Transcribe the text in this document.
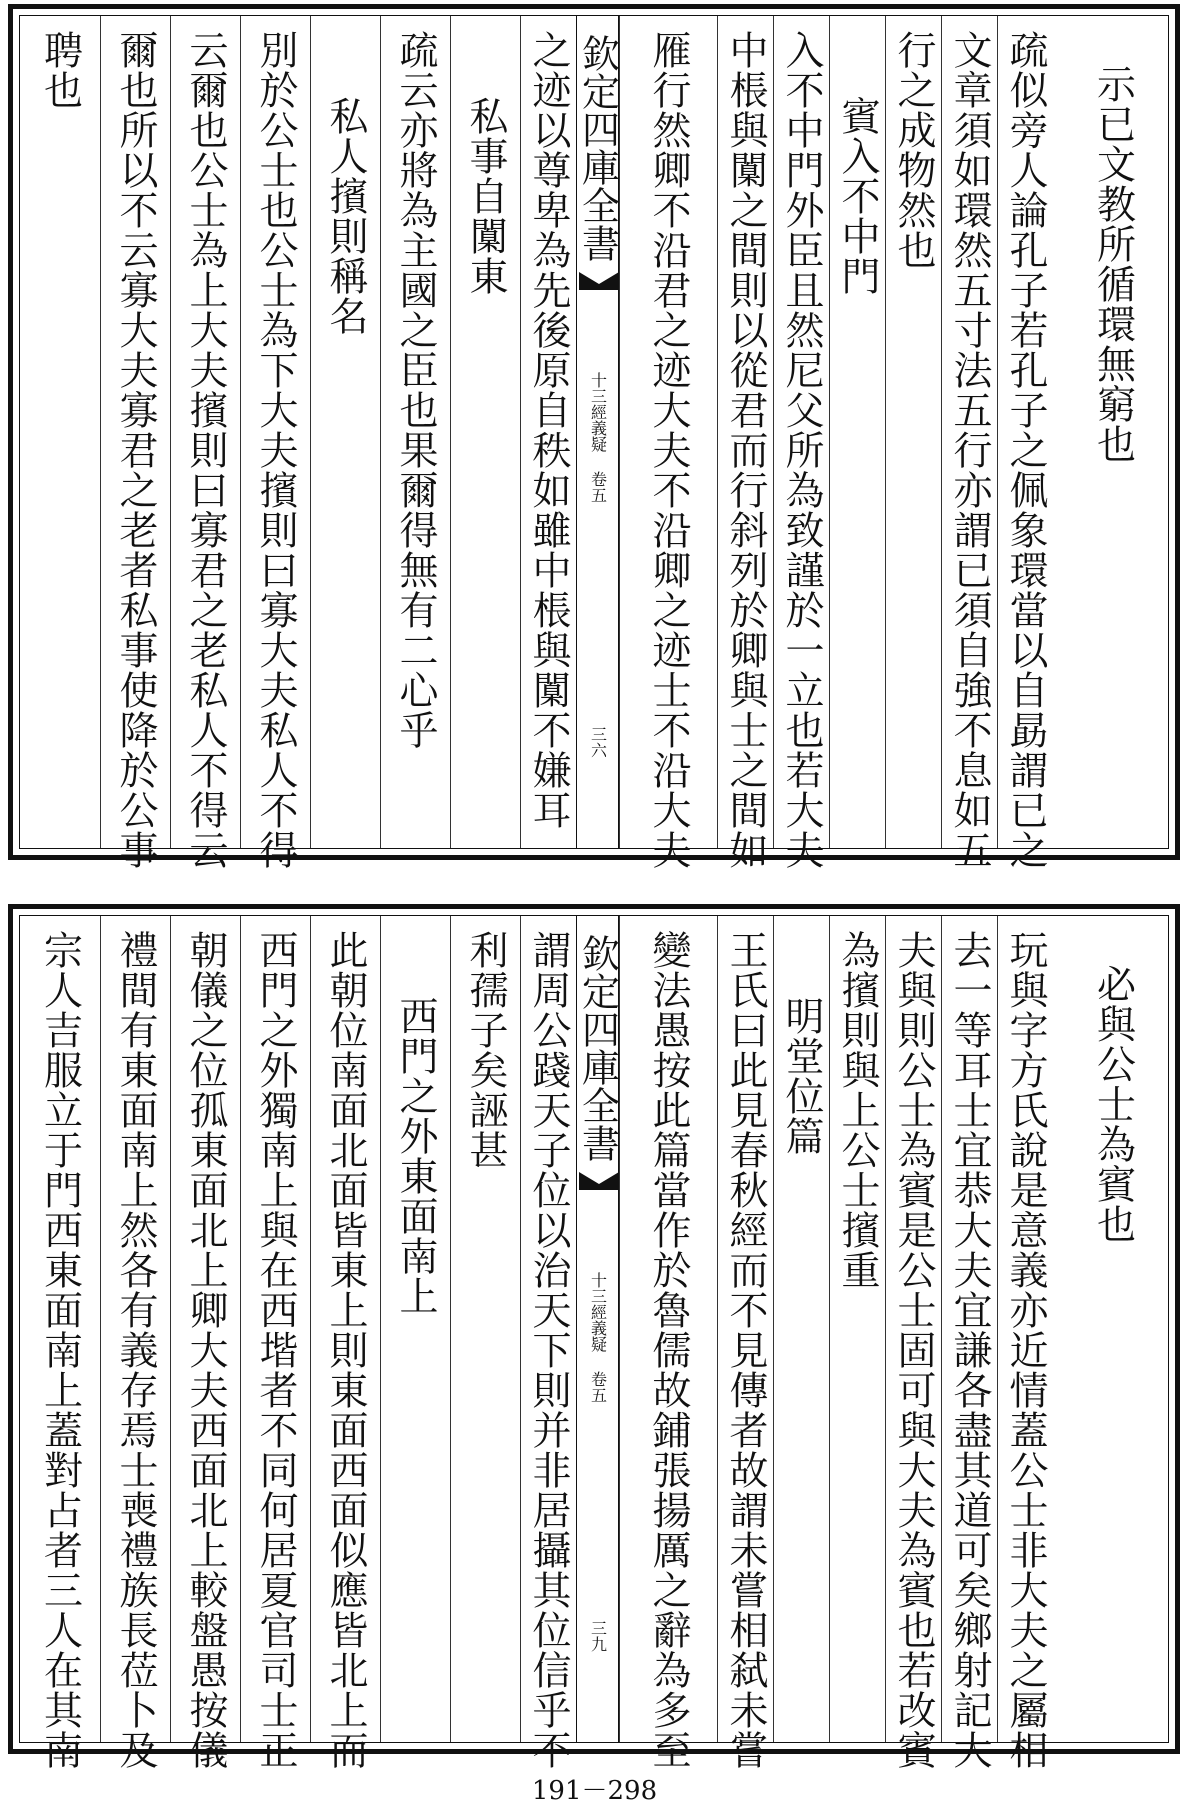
示已文教所循環無窮也
疏似旁人論孔子若孔子之佩象環當以自勗謂已之
文章須如環然五寸法五行亦謂已須自強不息如五
行之成物然也
賓入不中門
入不中門外臣且然尼父所為致謹於一立也若大夫
中棖與闑之間則以從君而行斜列於卿與士之間如
雁行然卿不沿君之迹大夫不沿卿之迹士不沿大夫
欽定四庫全書
十三經義疑 卷五
三六
之迹以尊卑為先後原自秩如雖中棖與闑不嫌耳
私事自闑東
疏云亦將為主國之臣也果爾得無有二心乎
私人擯則稱名
別於公士也公士為下大夫擯則曰寡大夫私人不得
云爾也公士為上大夫擯則曰寡君之老私人不得云
爾也所以不云寡大夫寡君之老者私事使降於公事
聘也
必與公士為賓也
玩與字方氏說是意義亦近情蓋公士非大夫之屬相
去一等耳士宜恭大夫宜謙各盡其道可矣鄉射記大
夫與則公士為賓是公士固可與大夫為賓也若改賓
為擯則與上公士擯重
明堂位篇
王氏曰此見春秋經而不見傳者故謂未嘗相弑未嘗
變法愚按此篇當作於魯儒故鋪張揚厲之辭為多至
欽定四庫全書
十三經義疑 卷五
三九
謂周公踐天子位以治天下則并非居攝其位信乎不
利孺子矣誣甚
西門之外東面南上
此朝位南面北面皆東上則東面西面似應皆北上而
西門之外獨南上與在西堦者不同何居夏官司士正
朝儀之位孤東面北上卿大夫西面北上較盤愚按儀
禮間有東面南上然各有義存焉士喪禮族長莅卜及
宗人吉服立于門西東面南上蓋對占者三人在其南
191－298
